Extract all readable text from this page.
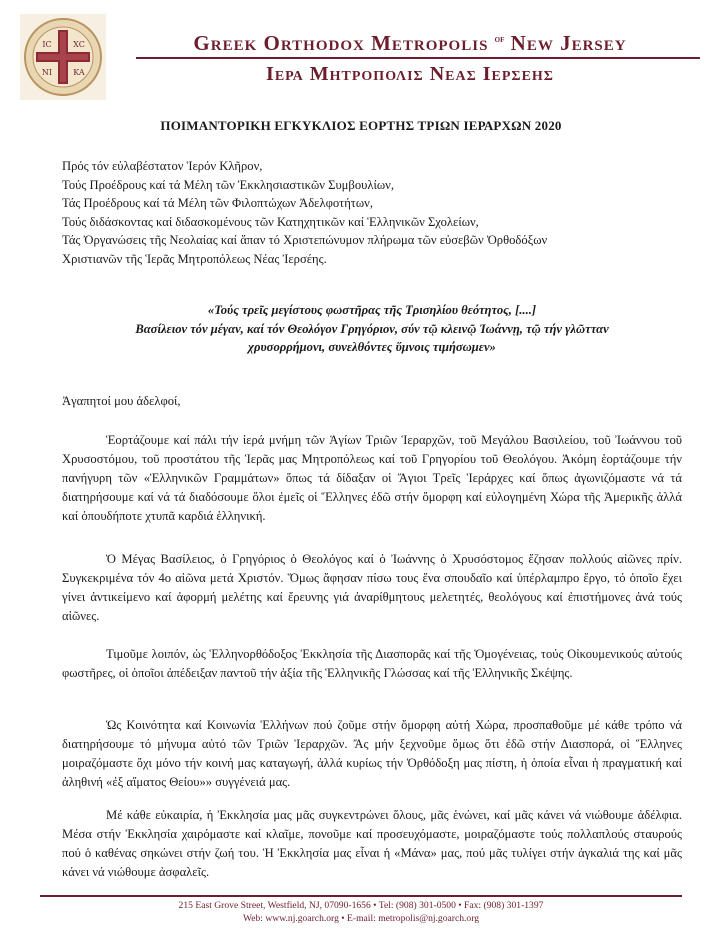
IC	XC
NI	KA
Greek Orthodox Metropolis $^{of}$ New Jersey
Ιερα Μητροπολις Νεας Ιερσεης
ΠΟΙΜΑΝΤΟΡΙΚΗ ΕΓΚΥΚΛΙΟΣ ΕΟΡΤΗΣ ΤΡΙΩΝ ΙΕΡΑΡΧΩΝ 2020
Πρός τόν εὐλαβέστατον Ἱερόν Κλῆρον,
Τούς Προέδρους καί τά Μέλη τῶν Ἐκκλησιαστικῶν Συμβουλίων,
Τάς Προέδρους καί τά Μέλη τῶν Φιλοπτώχων Ἀδελφοτήτων,
Τούς διδάσκοντας καί διδασκομένους τῶν Κατηχητικῶν καί Ἑλληνικῶν Σχολείων,
Τάς Ὀργανώσεις τῆς Νεολαίας καί ἅπαν τό Χριστεπώνυμον πλήρωμα τῶν εὐσεβῶν Ὀρθοδόξων
Χριστιανῶν τῆς Ἱερᾶς Μητροπόλεως Νέας Ἰερσέης.
«Τούς τρεῖς μεγίστους φωστῆρας τῆς Τρισηλίου θεότητος, [....]
Βασίλειον τόν μέγαν, καί τόν Θεολόγον Γρηγόριον, σύν τῷ κλεινῷ Ἰωάννῃ, τῷ τήν γλῶτταν
χρυσορρήμονι, συνελθόντες ὕμνοις τιμήσωμεν»
Ἀγαπητοί μου ἀδελφοί,
Ἑορτάζουμε καί πάλι τήν ἱερά μνήμη τῶν Ἁγίων Τριῶν Ἱεραρχῶν, τοῦ Μεγάλου Βασιλείου, τοῦ Ἰωάννου τοῦ Χρυσοστόμου, τοῦ προστάτου τῆς Ἱερᾶς μας Μητροπόλεως καί τοῦ Γρηγορίου τοῦ Θεολόγου. Ἀκόμη ἑορτάζουμε τήν πανήγυρη τῶν «Ἑλληνικῶν Γραμμάτων» ὅπως τά δίδαξαν οἱ Ἅγιοι Τρεῖς Ἱεράρχες καί ὅπως ἀγωνιζόμαστε νά τά διατηρήσουμε καί νά τά διαδόσουμε ὅλοι ἐμεῖς οἱ Ἕλληνες ἐδῶ στήν ὄμορφη καί εὐλογημένη Χώρα τῆς Ἀμερικῆς ἀλλά καί ὁπουδήποτε χτυπᾶ καρδιά ἑλληνική.
Ὁ Μέγας Βασίλειος, ὁ Γρηγόριος ὁ Θεολόγος καί ὁ Ἰωάννης ὁ Χρυσόστομος ἔζησαν πολλούς αἰῶνες πρίν. Συγκεκριμένα τόν 4ο αἰῶνα μετά Χριστόν. Ὅμως ἄφησαν πίσω τους ἕνα σπουδαῖο καί ὑπέρλαμπρο ἔργο, τό ὁποῖο ἔχει γίνει ἀντικείμενο καί ἀφορμή μελέτης καί ἔρευνης γιά ἀναρίθμητους μελετητές, θεολόγους καί ἐπιστήμονες ἀνά τούς αἰῶνες.
Τιμοῦμε λοιπόν, ὡς Ἑλληνορθόδοξος Ἐκκλησία τῆς Διασπορᾶς καί τῆς Ὁμογένειας, τούς Οἰκουμενικούς αὐτούς φωστῆρες, οἱ ὁποῖοι ἀπέδειξαν παντοῦ τήν ἀξία τῆς Ἑλληνικῆς Γλώσσας καί τῆς Ἑλληνικῆς Σκέψης.
Ὡς Κοινότητα καί Κοινωνία Ἑλλήνων πού ζοῦμε στήν ὄμορφη αὐτή Χώρα, προσπαθοῦμε μέ κάθε τρόπο νά διατηρήσουμε τό μήνυμα αὐτό τῶν Τριῶν Ἱεραρχῶν. Ἄς μήν ξεχνοῦμε ὅμως ὅτι ἐδῶ στήν Διασπορά, οἱ Ἕλληνες μοιραζόμαστε ὄχι μόνο τήν κοινή μας καταγωγή, ἀλλά κυρίως τήν Ὀρθόδοξη μας πίστη, ἡ ὁποία εἶναι ἡ πραγματική καί ἀληθινή «ἐξ αἵματος Θείου»» συγγένειά μας.
Μέ κάθε εὐκαιρία, ἡ Ἐκκλησία μας μᾶς συγκεντρώνει ὅλους, μᾶς ἑνώνει, καί μᾶς κάνει νά νιώθουμε ἀδέλφια. Μέσα στήν Ἐκκλησία χαιρόμαστε καί κλαῖμε, πονοῦμε καί προσευχόμαστε, μοιραζόμαστε τούς πολλαπλούς σταυρούς πού ὁ καθένας σηκώνει στήν ζωή του. Ἡ Ἐκκλησία μας εἶναι ἡ «Μάνα» μας, πού μᾶς τυλίγει στήν ἀγκαλιά της καί μᾶς κάνει νά νιώθουμε ἀσφαλεῖς.
215 East Grove Street, Westfield, NJ, 07090-1656 • Tel: (908) 301-0500 • Fax: (908) 301-1397
Web: www.nj.goarch.org • E-mail: metropolis@nj.goarch.org
